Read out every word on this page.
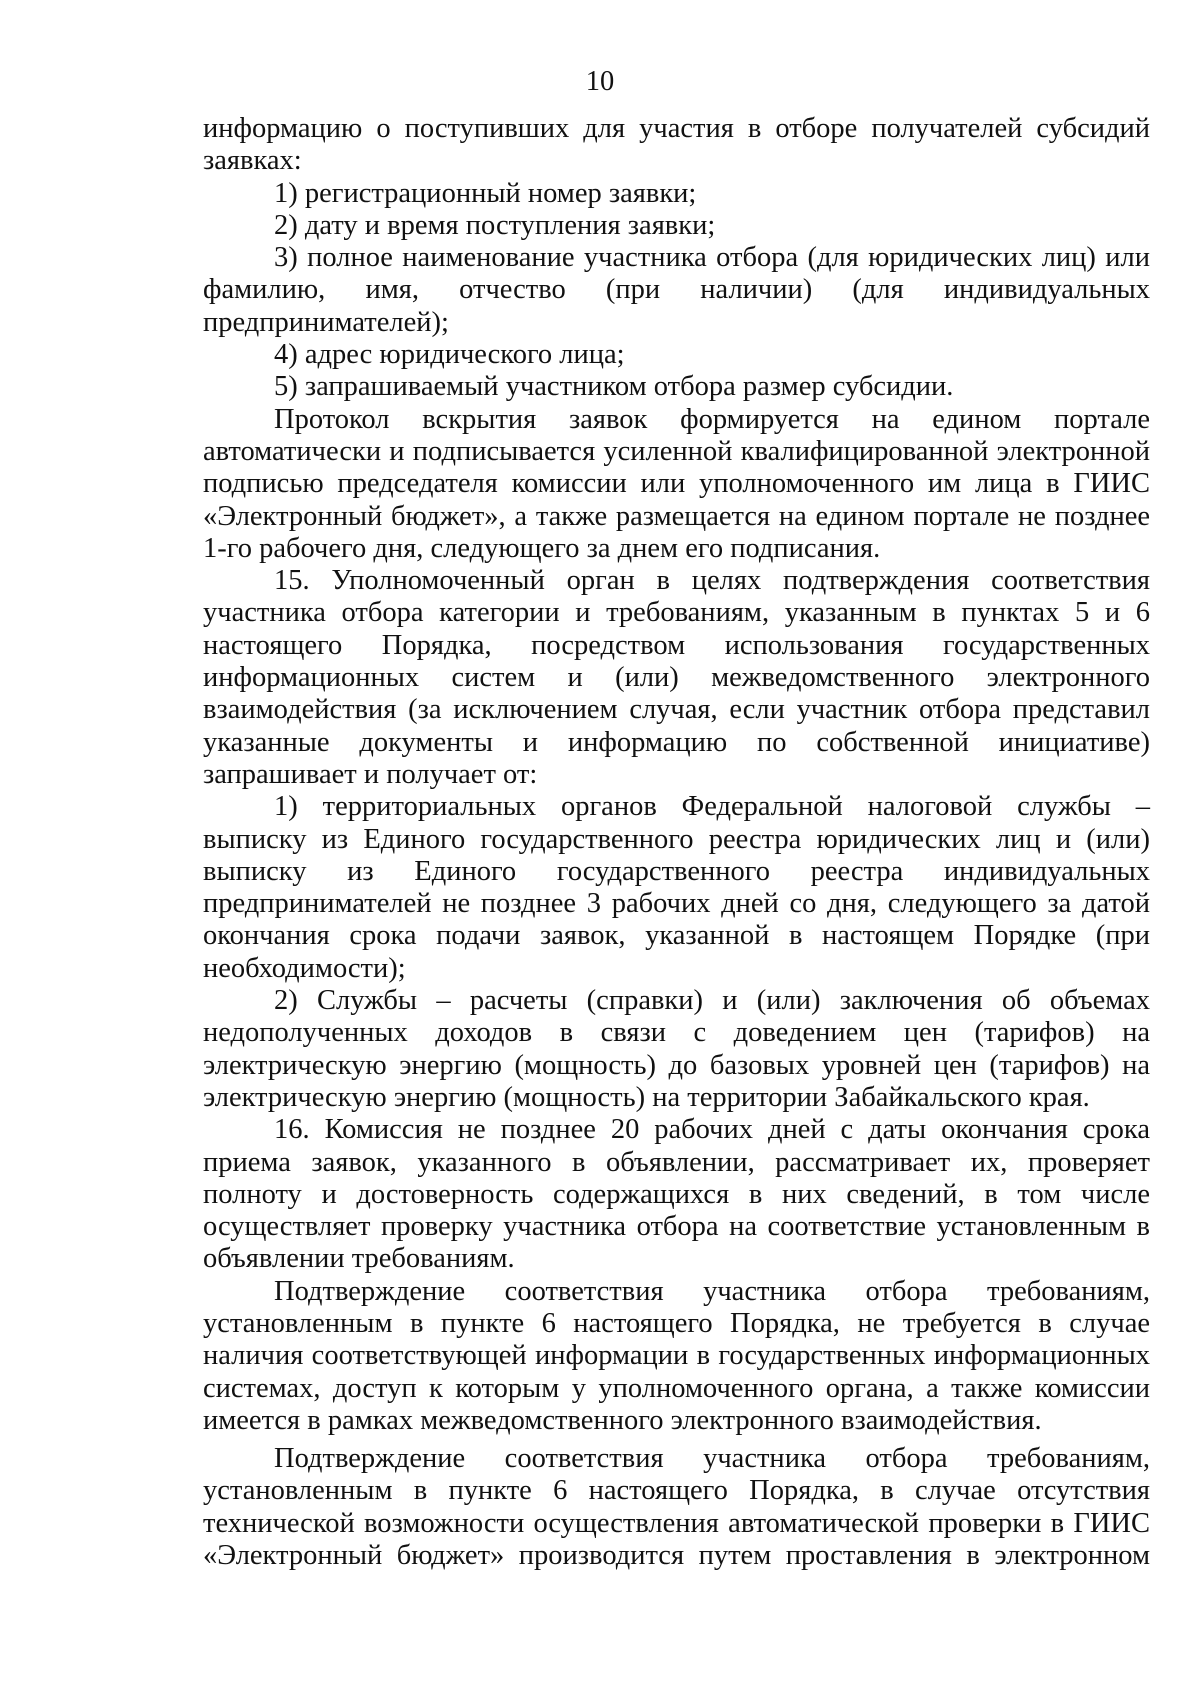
10

информацию о поступивших для участия в отборе получателей субсидий заявках:

1) регистрационный номер заявки;

2) дату и время поступления заявки;

3) полное наименование участника отбора (для юридических лиц) или фамилию, имя, отчество (при наличии) (для индивидуальных предпринимателей);

4) адрес юридического лица;

5) запрашиваемый участником отбора размер субсидии.

Протокол вскрытия заявок формируется на едином портале автоматически и подписывается усиленной квалифицированной электронной подписью председателя комиссии или уполномоченного им лица в ГИИС «Электронный бюджет», а также размещается на едином портале не позднее 1-го рабочего дня, следующего за днем его подписания.

15. Уполномоченный орган в целях подтверждения соответствия участника отбора категории и требованиям, указанным в пунктах 5 и 6 настоящего Порядка, посредством использования государственных информационных систем и (или) межведомственного электронного взаимодействия (за исключением случая, если участник отбора представил указанные документы и информацию по собственной инициативе) запрашивает и получает от:

1) территориальных органов Федеральной налоговой службы – выписку из Единого государственного реестра юридических лиц и (или) выписку из Единого государственного реестра индивидуальных предпринимателей не позднее 3 рабочих дней со дня, следующего за датой окончания срока подачи заявок, указанной в настоящем Порядке (при необходимости);

2) Службы – расчеты (справки) и (или) заключения об объемах недополученных доходов в связи с доведением цен (тарифов) на электрическую энергию (мощность) до базовых уровней цен (тарифов) на электрическую энергию (мощность) на территории Забайкальского края.

16. Комиссия не позднее 20 рабочих дней с даты окончания срока приема заявок, указанного в объявлении, рассматривает их, проверяет полноту и достоверность содержащихся в них сведений, в том числе осуществляет проверку участника отбора на соответствие установленным в объявлении требованиям.

Подтверждение соответствия участника отбора требованиям, установленным в пункте 6 настоящего Порядка, не требуется в случае наличия соответствующей информации в государственных информационных системах, доступ к которым у уполномоченного органа, а также комиссии имеется в рамках межведомственного электронного взаимодействия.

Подтверждение соответствия участника отбора требованиям, установленным в пункте 6 настоящего Порядка, в случае отсутствия технической возможности осуществления автоматической проверки в ГИИС «Электронный бюджет» производится путем проставления в электронном
